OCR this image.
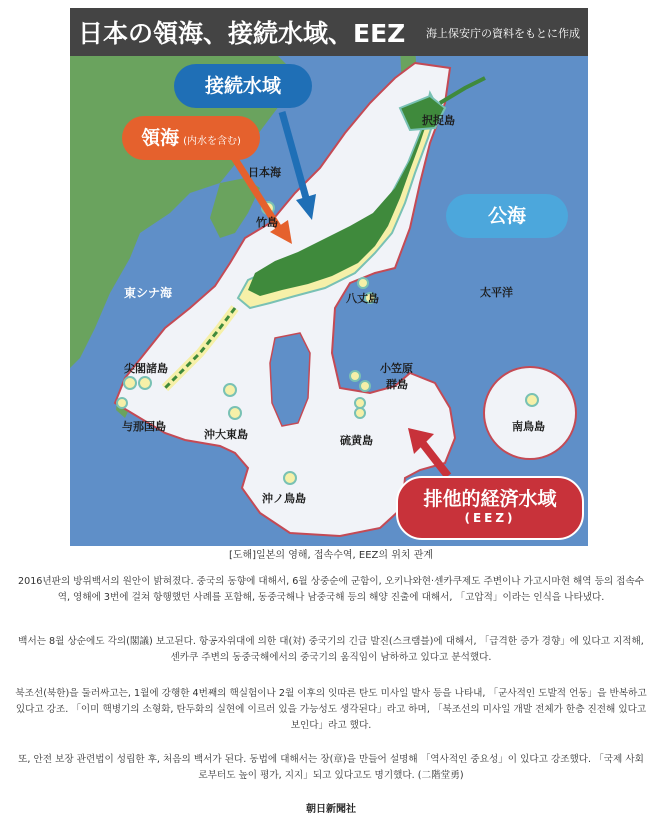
日本の領海、接続水域、EEZ 海上保安庁の資料をもとに作成
接続水域
領海 (内水を含む)
公海
排他的経済水域
(EEZ)
択捉島
日本海
竹島
東シナ海	太平洋
八丈島
小笠原
群島
尖閣諸島
与那国島
沖大東島	硫黄島
南鳥島
沖ノ鳥島
[도해]일본의 영해, 접속수역, EEZ의 위치 관계
2016년판의 방위백서의 원안이 밝혀졌다. 중국의 동향에 대해서, 6월 상중순에 군함이, 오키나와현·센카쿠제도 주변이나 가고시마현 해역 등의 접속수역, 영해에 3번에 걸쳐 항행했던 사례를 포함해, 동중국해나 남중국해 등의 해양 진출에 대해서, 「고압적」이라는 인식을 나타냈다.
백서는 8월 상순에도 각의(閣議) 보고된다. 항공자위대에 의한 대(対) 중국기의 긴급 발진(스크램블)에 대해서, 「급격한 증가 경향」에 있다고 지적해, 센카쿠 주변의 동중국해에서의 중국기의 움직임이 남하하고 있다고 분석했다.
북조선(북한)을 둘러싸고는, 1월에 강행한 4번째의 핵실험이나 2월 이후의 잇따른 탄도 미사일 발사 등을 나타내, 「군사적인 도발적 언동」을 반복하고 있다고 강조. 「이미 핵병기의 소형화, 탄두화의 실현에 이르러 있을 가능성도 생각된다」라고 하며, 「북조선의 미사일 개발 전체가 한층 진전해 있다고 보인다」라고 했다.
또, 안전 보장 관련법이 성립한 후, 처음의 백서가 된다. 동법에 대해서는 장(章)을 만들어 설명해 「역사적인 중요성」이 있다고 강조했다. 「국제 사회로부터도 높이 평가, 지지」되고 있다고도 명기했다. (二階堂勇)
朝日新聞社
